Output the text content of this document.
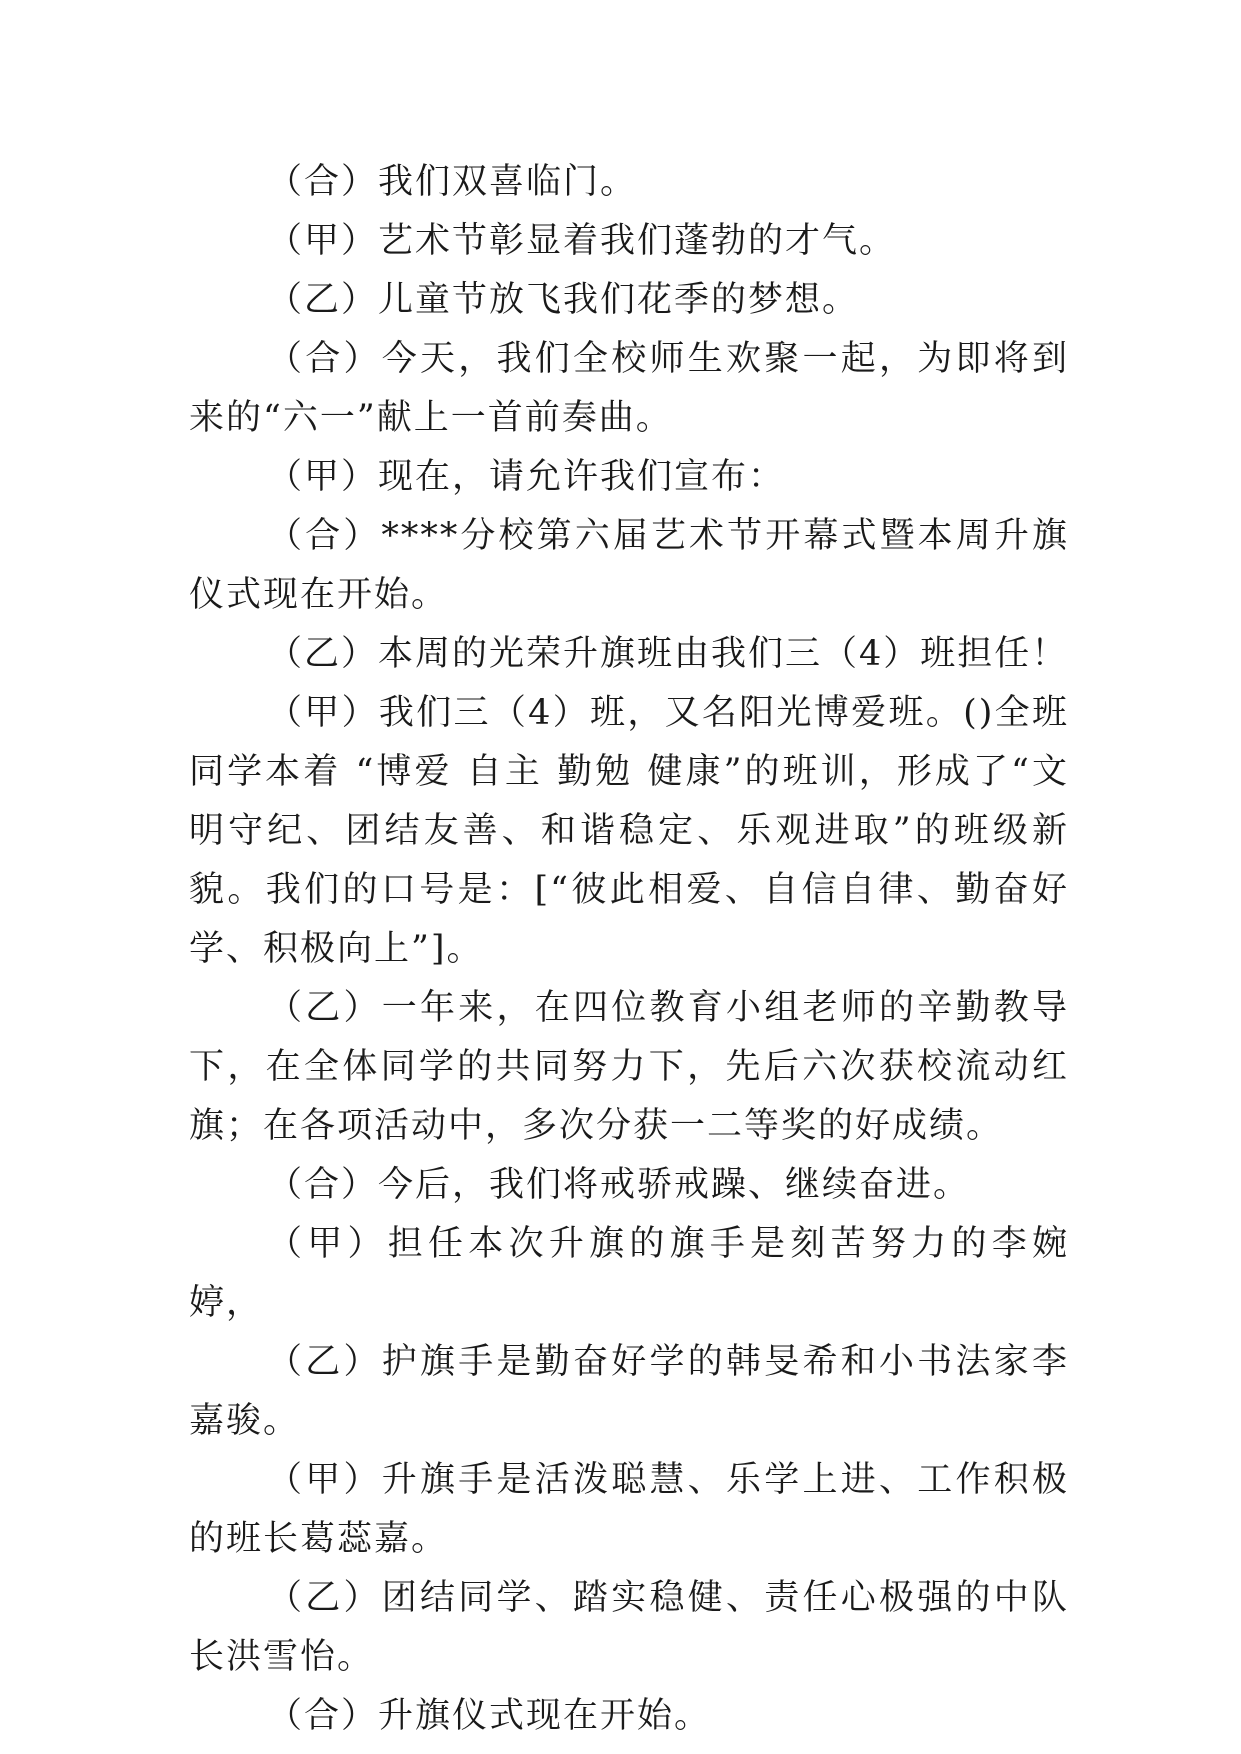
（合）我们双喜临门。

（甲）艺术节彰显着我们蓬勃的才气。

（乙）儿童节放飞我们花季的梦想。

（合）今天，我们全校师生欢聚一起，为即将到来的“六一”献上一首前奏曲。

（甲）现在，请允许我们宣布：

（合）****分校第六届艺术节开幕式暨本周升旗仪式现在开始。

（乙）本周的光荣升旗班由我们三（4）班担任！

（甲）我们三（4）班，又名阳光博爱班。()全班同学本着 “博爱 自主 勤勉 健康”的班训，形成了“文明守纪、团结友善、和谐稳定、乐观进取”的班级新貌。我们的口号是：[“彼此相爱、自信自律、勤奋好学、积极向上”]。

（乙）一年来，在四位教育小组老师的辛勤教导下，在全体同学的共同努力下，先后六次获校流动红旗；在各项活动中，多次分获一二等奖的好成绩。

（合）今后，我们将戒骄戒躁、继续奋进。

（甲）担任本次升旗的旗手是刻苦努力的李婉婷，

（乙）护旗手是勤奋好学的韩旻希和小书法家李嘉骏。

（甲）升旗手是活泼聪慧、乐学上进、工作积极的班长葛蕊嘉。

（乙）团结同学、踏实稳健、责任心极强的中队长洪雪怡。

（合）升旗仪式现在开始。
